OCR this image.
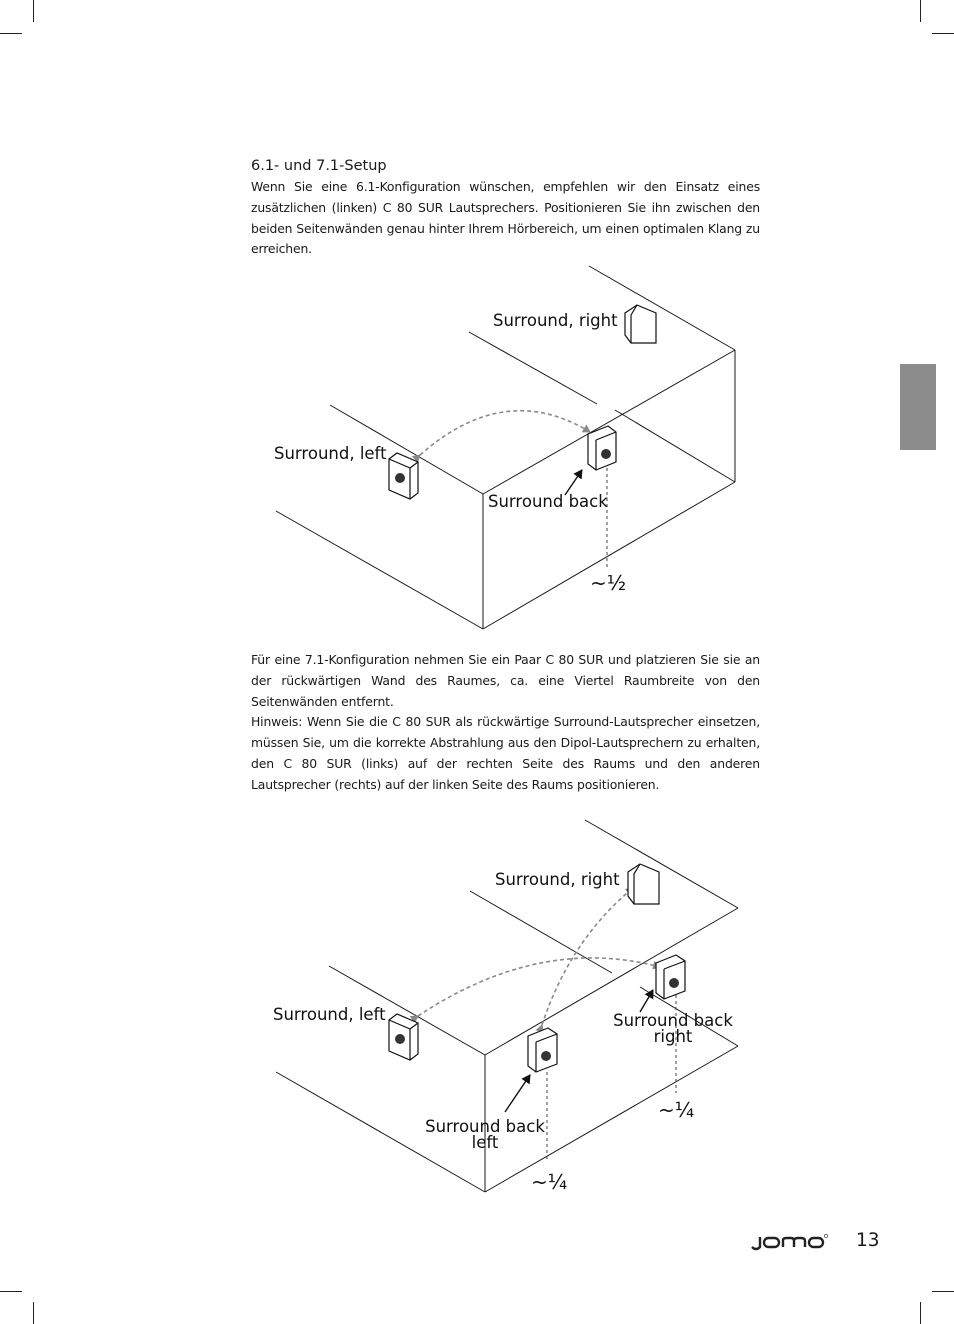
6.1- und 7.1-Setup

Wenn Sie eine 6.1-Konfiguration wünschen, empfehlen wir den Einsatz eines zusätzlichen (linken) C 80 SUR Lautsprechers. Positionieren Sie ihn zwischen den beiden Seitenwänden genau hinter Ihrem Hörbereich, um einen optimalen Klang zu erreichen.

Surround, right
Surround, left
Surround back
~½

Für eine 7.1-Konfiguration nehmen Sie ein Paar C 80 SUR und platzieren Sie sie an der rückwärtigen Wand des Raumes, ca. eine Viertel Raumbreite von den Seitenwänden entfernt.

Hinweis: Wenn Sie die C 80 SUR als rückwärtige Surround-Lautsprecher einsetzen, müssen Sie, um die korrekte Abstrahlung aus den Dipol-Lautsprechern zu erhalten, den C 80 SUR (links) auf der rechten Seite des Raums und den anderen Lautsprecher (rechts) auf der linken Seite des Raums positionieren.

Surround, right
Surround, left	Surround back
right
Surround back
left
~¼
~¼
13
